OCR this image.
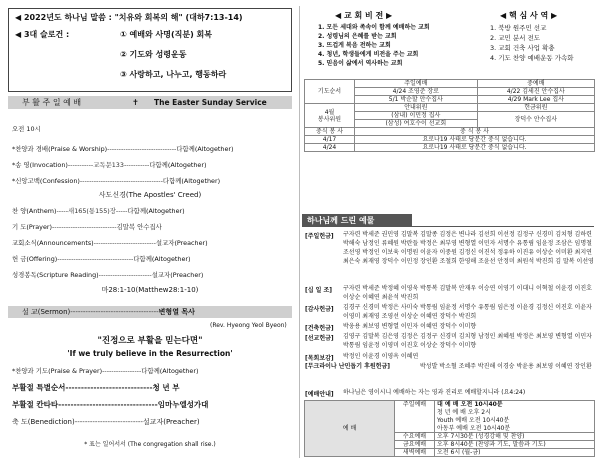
◀ 2022년도 하나님 말씀 : "치유와 회복의 해" (대하7:13-14)
◀ 3대 슬로건 :	① 예배와 사명(직분) 회복
② 기도와 성령운동
③ 사랑하고, 나누고, 행동하라
부 활 주 일 예 배	✝ The Easter Sunday Service
오전 10시
*찬양과 경배(Praise & Worship)------------------------------다함께(Altogether)
*송 영(Invocation)-----------교독문133-----------다함께(Altogether)
*신앙고백(Confession)------------------------------------다함께(Altogether)
사도신경(The Apostles' Creed)
찬 양(Anthem)-----새165(통155)장-----다함께(Altogether)
기 도(Prayer)----------------------------김말복 안수집사
교회소식(Announcements)---------------------------설교자(Preacher)
헌 금(Offering)---------------------------------다함께(Altogether)
성경봉독(Scripture Reading)-----------------------설교자(Preacher)
마28:1-10(Matthew28:1-10)
설 교(Sermon)-----------------------------------변형열 목사
(Rev. Hyeong Yeol Byeon)
"진정으로 부활을 믿는다면"
'If we truly believe in the Resurrection'
*찬양과 기도(Praise & Prayer)-----------------다함께(Altogether)
부활절 특별순서----------------------------청 년 부
부활절 칸타타--------------------------------임마누엘성가대
축 도(Benediction)---------------------------설교자(Preacher)
* 표는 일어서서 (The congregation shall rise.)
◀ 교 회 비 전 ▶
1. 모든 세대와 족속이 함께 예배하는 교회
2. 성령님의 은혜를 받는 교회
3. 뜨겁게 복음 전하는 교회
4. 청년, 학생들에게 비전을 주는 교회
5. 믿음이 삶에서 역사하는 교회
◀ 핵 심 사 역 ▶
1. 북방 원주민 선교
2. 교민 분서 전도
3. 교회 건축 사업 확충
4. 기도 찬양 예배운동 가속화
기도순서	주일예배	중예배
	4/24 조영준 장로	4/22 김세진 안수집사
	5/1 박순할 안수집사	4/29 Mark Lee 집사
4월
봉사위원	안내위원	헌금위원
	(삼내) 이민정 집사	장덕수 안수집사
	(삼성) 여호수이 선교회	
중식 봉 사	중 식 봉 사	
4/17	요로나19 사태로 당분간 중식 없습니다.	
4/24	요로나19 사태로 당분간 중식 없습니다.	
하나님께 드린 예물
[주일헌금] 구자련 박세준 권민영 김말복 김말종 김정은 변나라 김선희 이선정 김정구 신경미 김치형 김하련 박해숙 남정인 류혜원 박란들 박정은 최부영 변형열 이민자 서명수 유통림 임윤정 조삼은 임명철 조선영 박정인 이보육 이명원 이윤자 이중원 김정신 이진석 정유하 이진유 이상순 이미환 최지연 최은숙 최재영 장덕수 이민정 장인환 조철희 한영해 조윤선 안정미 최원석 박진희 김 말복 이선영
[십 일 조] 구자련 박세준 박정혜 이영욱 박통복 김말복 안재우 이승연 이영기 이대니 이혁철 이윤경 이진호 이상순 이혜연 최윤석 박진희
[감사헌금] 김경구 신경미 박정은 사미숙 박통림 임윤정 서명수 유통림 임은정 이윤경 김정신 이진호 이윤자 이영미 최재영 조영선 이상순 이혜연 장덕수 박진희
[건축헌금] 박웅용 최보영 변형열 이민자 이혜연 장덕수 이미향
[선교헌금] 김영구 김말복 김은영 김정은 김정구 신경미 김치형 남정인 최혜원 박정은 최보영 변형열 이민자 박통림 임윤정 이영미 이진호 이상순 장덕수 이미향
[목회보감] 박정인 이윤경 이영옥 이혜연
[무크라이나 난민돕기 후원헌금]	박성발 박소혈 조혜주 박진해 이경숭 박윤용 최보영 이혜연 장인환
[예배안내] 하나님은 영이시니 예배하는 자는 영과 진리로 예배할지니라 (요4:24)
예 배	주일예배	대 예 배 오전 10시40분
		청 년 예 배 오후 2시
		Youth 예배 오전 10시40분
		아동부 예배 오전 10시40분
	수요예배	오후 7시30분 (성경강해 및 찬양)
	금요예배	오후 8시40분 (찬양과 기도, 말씀과 기도)
	새벽예배	오전 6시 (월-금)
